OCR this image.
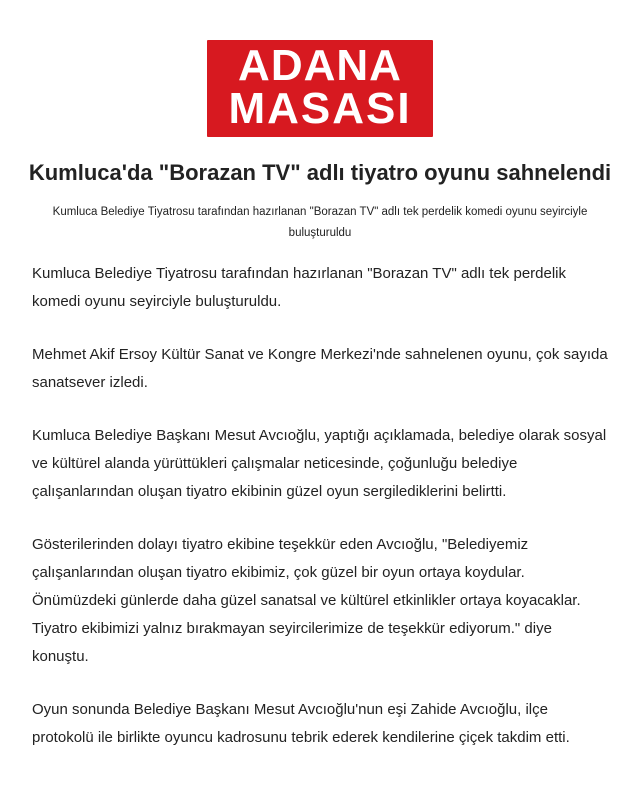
ADANA
MASASI
Kumluca'da "Borazan TV" adlı tiyatro oyunu sahnelendi

Kumluca Belediye Tiyatrosu tarafından hazırlanan "Borazan TV" adlı tek perdelik komedi oyunu seyirciyle buluşturuldu

Kumluca Belediye Tiyatrosu tarafından hazırlanan "Borazan TV" adlı tek perdelik komedi oyunu seyirciyle buluşturuldu.

Mehmet Akif Ersoy Kültür Sanat ve Kongre Merkezi'nde sahnelenen oyunu, çok sayıda sanatsever izledi.

Kumluca Belediye Başkanı Mesut Avcıoğlu, yaptığı açıklamada, belediye olarak sosyal ve kültürel alanda yürüttükleri çalışmalar neticesinde, çoğunluğu belediye çalışanlarından oluşan tiyatro ekibinin güzel oyun sergilediklerini belirtti.

Gösterilerinden dolayı tiyatro ekibine teşekkür eden Avcıoğlu, "Belediyemiz çalışanlarından oluşan tiyatro ekibimiz, çok güzel bir oyun ortaya koydular. Önümüzdeki günlerde daha güzel sanatsal ve kültürel etkinlikler ortaya koyacaklar. Tiyatro ekibimizi yalnız bırakmayan seyircilerimize de teşekkür ediyorum." diye konuştu.

Oyun sonunda Belediye Başkanı Mesut Avcıoğlu'nun eşi Zahide Avcıoğlu, ilçe protokolü ile birlikte oyuncu kadrosunu tebrik ederek kendilerine çiçek takdim etti.
